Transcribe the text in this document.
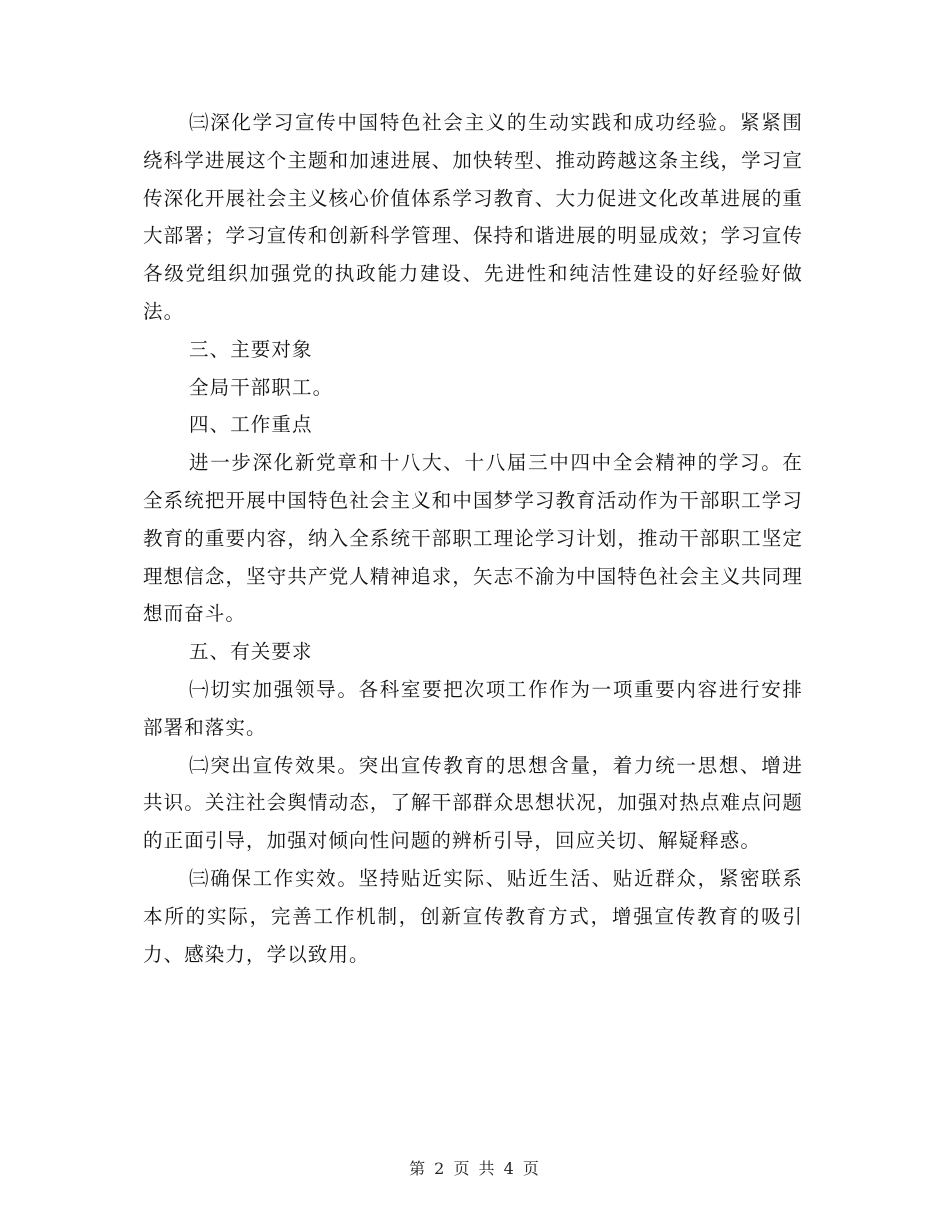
㈢深化学习宣传中国特色社会主义的生动实践和成功经验。紧紧围绕科学进展这个主题和加速进展、加快转型、推动跨越这条主线，学习宣传深化开展社会主义核心价值体系学习教育、大力促进文化改革进展的重大部署；学习宣传和创新科学管理、保持和谐进展的明显成效；学习宣传各级党组织加强党的执政能力建设、先进性和纯洁性建设的好经验好做法。

三、主要对象

全局干部职工。

四、工作重点

进一步深化新党章和十八大、十八届三中四中全会精神的学习。在全系统把开展中国特色社会主义和中国梦学习教育活动作为干部职工学习教育的重要内容，纳入全系统干部职工理论学习计划，推动干部职工坚定理想信念，坚守共产党人精神追求，矢志不渝为中国特色社会主义共同理想而奋斗。

五、有关要求

㈠切实加强领导。各科室要把次项工作作为一项重要内容进行安排部署和落实。

㈡突出宣传效果。突出宣传教育的思想含量，着力统一思想、增进共识。关注社会舆情动态，了解干部群众思想状况，加强对热点难点问题的正面引导，加强对倾向性问题的辨析引导，回应关切、解疑释惑。

㈢确保工作实效。坚持贴近实际、贴近生活、贴近群众，紧密联系本所的实际，完善工作机制，创新宣传教育方式，增强宣传教育的吸引力、感染力，学以致用。

第 2 页 共 4 页
